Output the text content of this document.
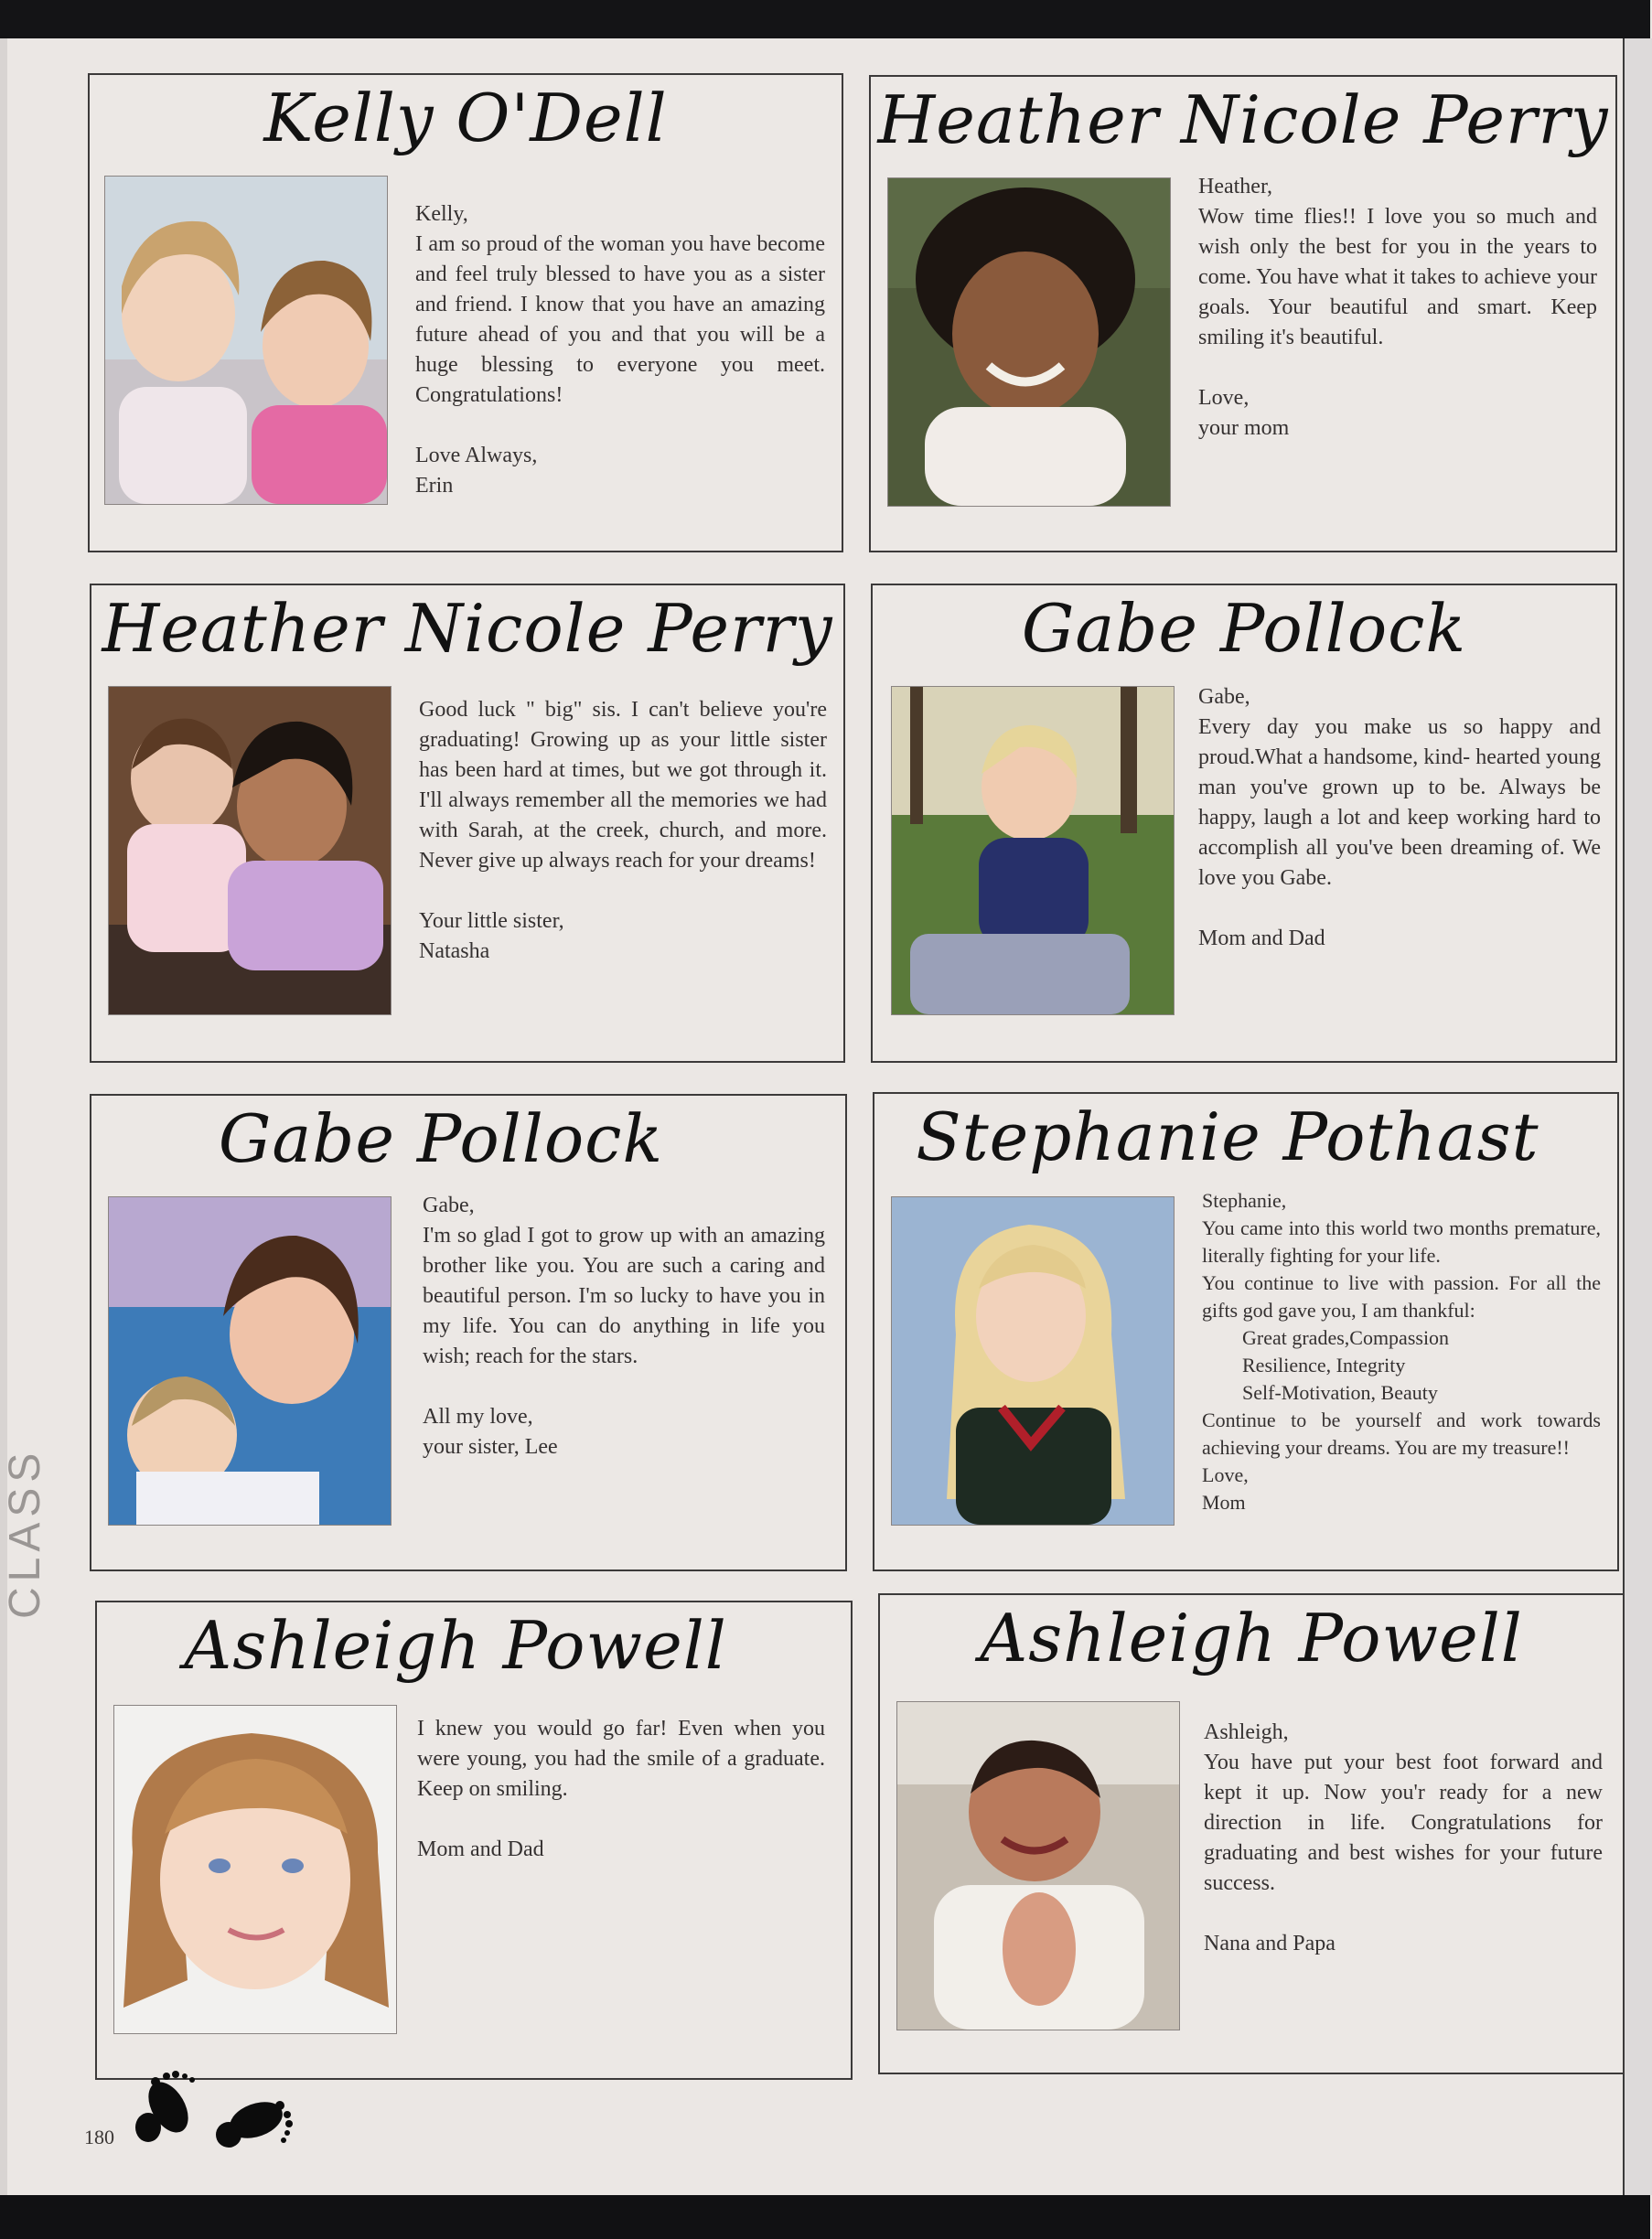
CLASS
Kelly O'Dell

Kelly,

I am so proud of the woman you have become and feel truly blessed to have you as a sister and friend. I know that you have an amazing future ahead of you and that you will be a huge blessing to everyone you meet. Congratulations!

Love Always,

Erin

Heather Nicole Perry

Heather,

Wow time flies!! I love you so much and wish only the best for you in the years to come. You have what it takes to achieve your goals. Your beautiful and smart. Keep smiling it's beautiful.

Love,

your mom

Heather Nicole Perry

Good luck " big" sis. I can't believe you're graduating! Growing up as your little sister has been hard at times, but we got through it. I'll always remember all the memories we had with Sarah, at the creek, church, and more. Never give up always reach for your dreams!

Your little sister,

Natasha

Gabe Pollock

Gabe,

Every day you make us so happy and proud.What a handsome, kind- hearted young man you've grown up to be. Always be happy, laugh a lot and keep working hard to accomplish all you've been dreaming of. We love you Gabe.

Mom and Dad

Gabe Pollock

Gabe,

I'm so glad I got to grow up with an amazing brother like you. You are such a caring and beautiful person. I'm so lucky to have you in my life. You can do anything in life you wish; reach for the stars.

All my love,

your sister, Lee

Stephanie Pothast

Stephanie,

You came into this world two months premature, literally fighting for your life.

You continue to live with passion. For all the gifts god gave you, I am thankful:

Great grades,Compassion

Resilience, Integrity

Self-Motivation, Beauty

Continue to be yourself and work towards achieving your dreams. You are my treasure!!

Love,

Mom

Ashleigh Powell

I knew you would go far! Even when you were young, you had the smile of a graduate. Keep on smiling.

Mom and Dad

Ashleigh Powell

Ashleigh,

You have put your best foot forward and kept it up. Now you'r ready for a new direction in life. Congratulations for graduating and best wishes for your future success.

Nana and Papa

180
